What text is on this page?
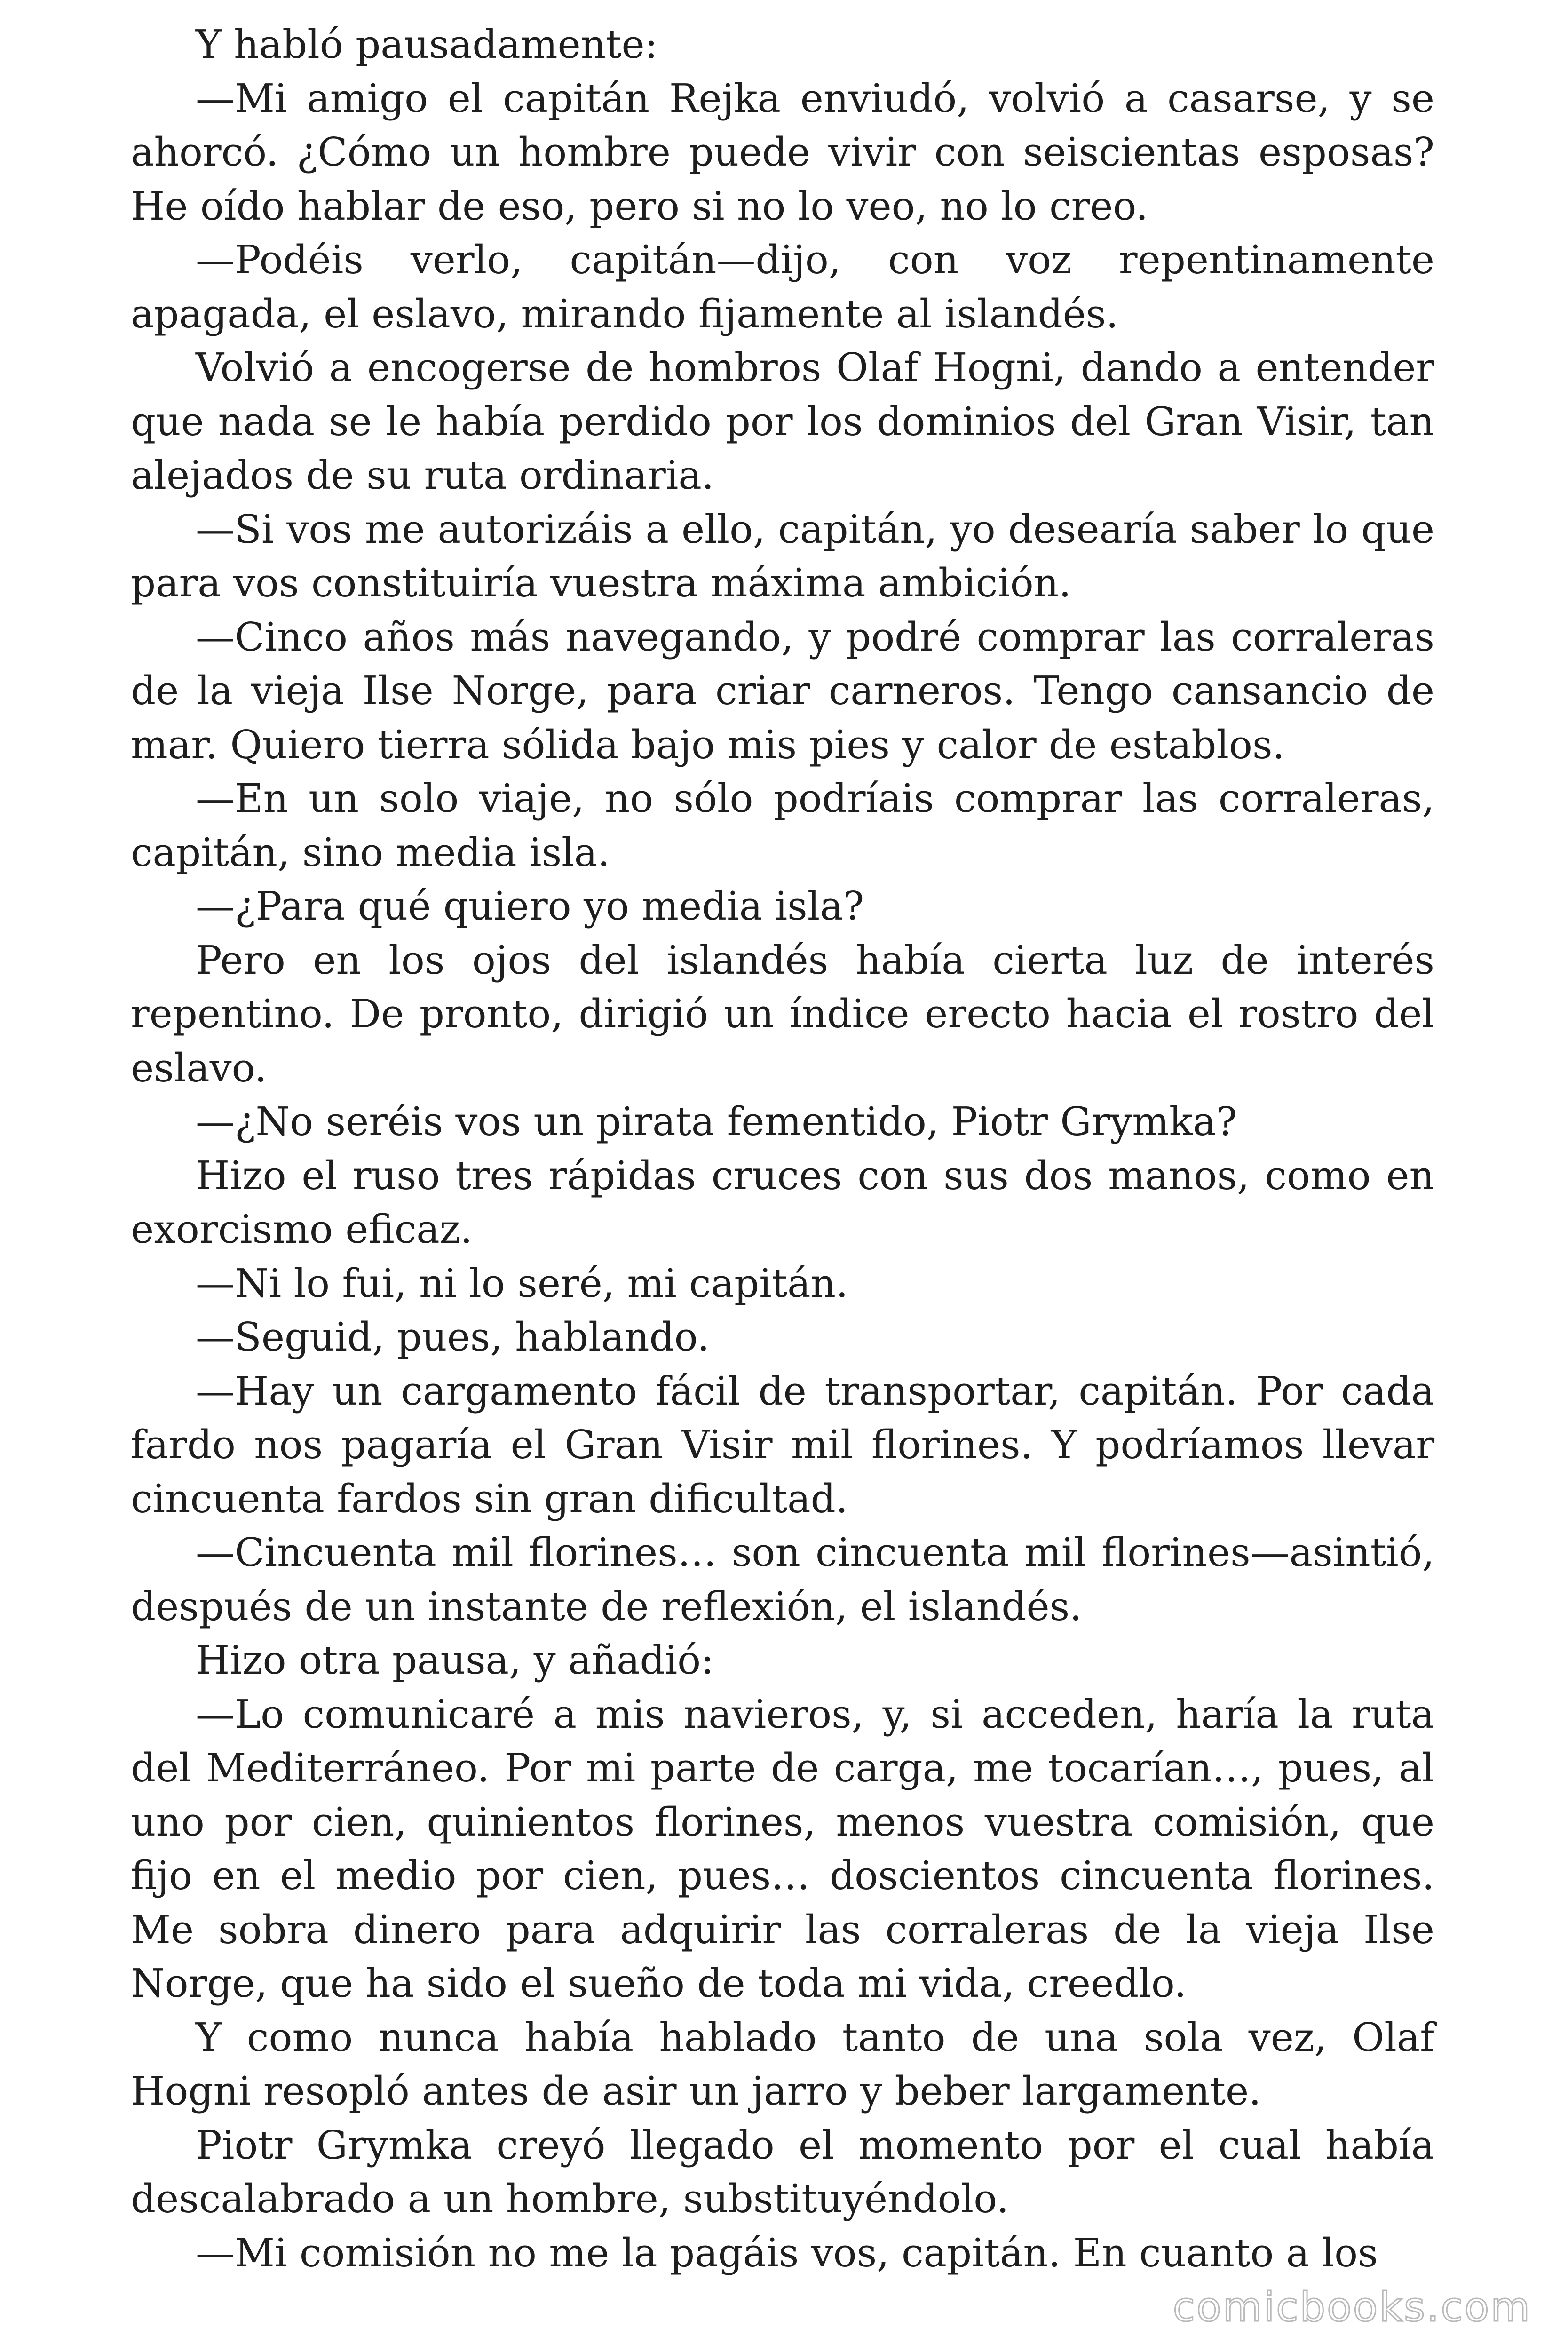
Y habló pausadamente:

—Mi amigo el capitán Rejka enviudó, volvió a casarse, y se ahorcó. ¿Cómo un hombre puede vivir con seiscientas esposas? He oído hablar de eso, pero si no lo veo, no lo creo.

—Podéis verlo, capitán—dijo, con voz repentinamente apagada, el eslavo, mirando fijamente al islandés.

Volvió a encogerse de hombros Olaf Hogni, dando a entender que nada se le había perdido por los dominios del Gran Visir, tan alejados de su ruta ordinaria.

—Si vos me autorizáis a ello, capitán, yo desearía saber lo que para vos constituiría vuestra máxima ambición.

—Cinco años más navegando, y podré comprar las corraleras de la vieja Ilse Norge, para criar carneros. Tengo cansancio de mar. Quiero tierra sólida bajo mis pies y calor de establos.

—En un solo viaje, no sólo podríais comprar las corraleras, capitán, sino media isla.

—¿Para qué quiero yo media isla?

Pero en los ojos del islandés había cierta luz de interés repentino. De pronto, dirigió un índice erecto hacia el rostro del eslavo.

—¿No seréis vos un pirata fementido, Piotr Grymka?

Hizo el ruso tres rápidas cruces con sus dos manos, como en exorcismo eficaz.

—Ni lo fui, ni lo seré, mi capitán.

—Seguid, pues, hablando.

—Hay un cargamento fácil de transportar, capitán. Por cada fardo nos pagaría el Gran Visir mil florines. Y podríamos llevar cincuenta fardos sin gran dificultad.

—Cincuenta mil florines… son cincuenta mil florines—asintió, después de un instante de reflexión, el islandés.

Hizo otra pausa, y añadió:

—Lo comunicaré a mis navieros, y, si acceden, haría la ruta del Mediterráneo. Por mi parte de carga, me tocarían…, pues, al uno por cien, quinientos florines, menos vuestra comisión, que fijo en el medio por cien, pues… doscientos cincuenta florines. Me sobra dinero para adquirir las corraleras de la vieja Ilse Norge, que ha sido el sueño de toda mi vida, creedlo.

Y como nunca había hablado tanto de una sola vez, Olaf Hogni resopló antes de asir un jarro y beber largamente.

Piotr Grymka creyó llegado el momento por el cual había descalabrado a un hombre, substituyéndolo.

—Mi comisión no me la pagáis vos, capitán. En cuanto a los

comicbooks.com
